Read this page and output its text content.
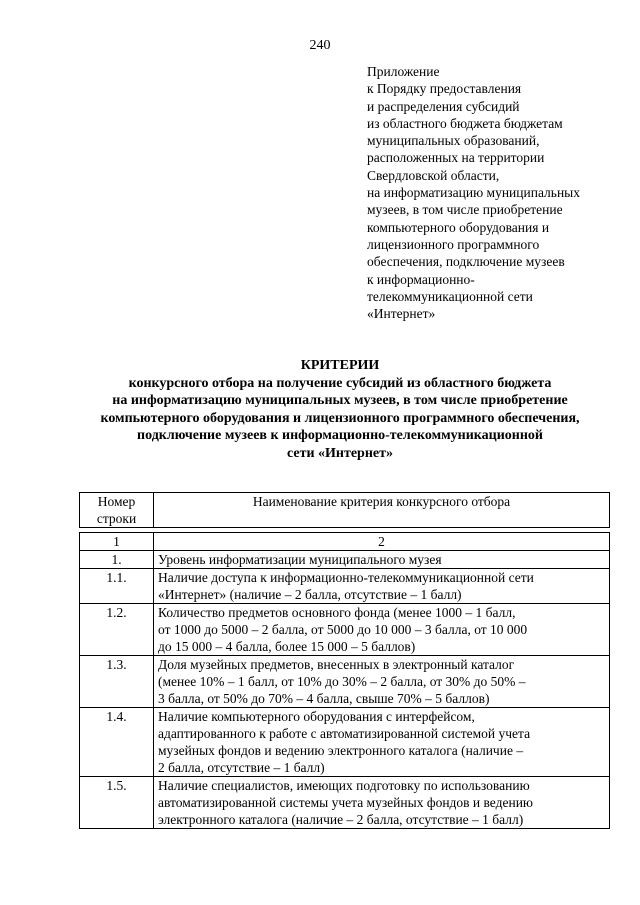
240
Приложение
к Порядку предоставления
и распределения субсидий
из областного бюджета бюджетам
муниципальных образований,
расположенных на территории
Свердловской области,
на информатизацию муниципальных
музеев, в том числе приобретение
компьютерного оборудования и
лицензионного программного
обеспечения, подключение музеев
к информационно-
телекоммуникационной сети
«Интернет»
КРИТЕРИИ
конкурсного отбора на получение субсидий из областного бюджета
на информатизацию муниципальных музеев, в том числе приобретение
компьютерного оборудования и лицензионного программного обеспечения,
подключение музеев к информационно-телекоммуникационной
сети «Интернет»
Номер
строки
	Наименование критерия конкурсного отбора
1	2
1.	Уровень информатизации муниципального музея

1.1.	Наличие доступа к информационно-телекоммуникационной сети
«Интернет» (наличие – 2 балла, отсутствие – 1 балл)

1.2.	Количество предметов основного фонда (менее 1000 – 1 балл,
от 1000 до 5000 – 2 балла, от 5000 до 10 000 – 3 балла, от 10 000
до 15 000 – 4 балла, более 15 000 – 5 баллов)

1.3.	Доля музейных предметов, внесенных в электронный каталог
(менее 10% – 1 балл, от 10% до 30% – 2 балла, от 30% до 50% –
3 балла, от 50% до 70% – 4 балла, свыше 70% – 5 баллов)

1.4.	Наличие компьютерного оборудования с интерфейсом,
адаптированного к работе с автоматизированной системой учета
музейных фондов и ведению электронного каталога (наличие –
2 балла, отсутствие – 1 балл)

1.5.	Наличие специалистов, имеющих подготовку по использованию
автоматизированной системы учета музейных фондов и ведению
электронного каталога (наличие – 2 балла, отсутствие – 1 балл)
